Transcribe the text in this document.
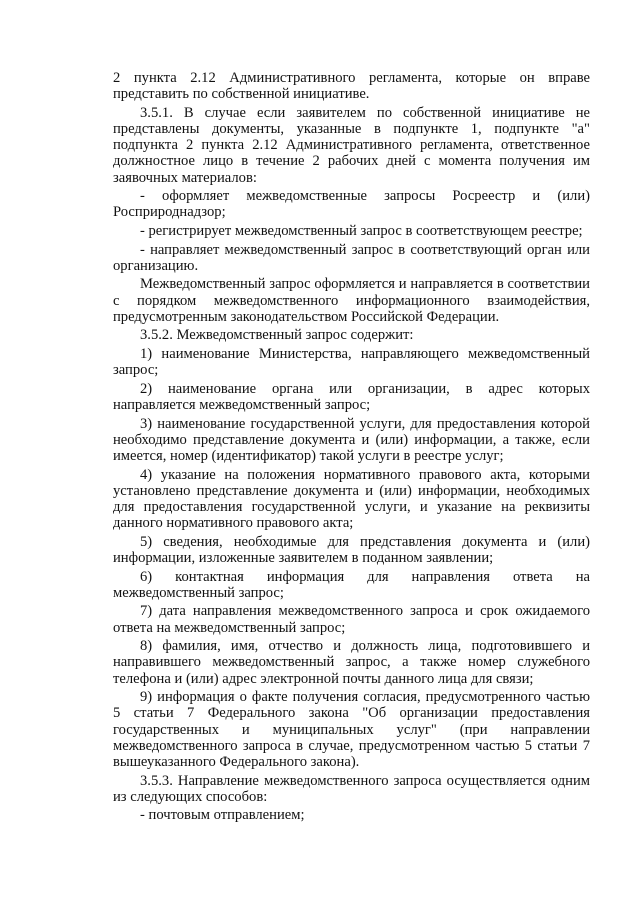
2 пункта 2.12 Административного регламента, которые он вправе представить по собственной инициативе.

3.5.1. В случае если заявителем по собственной инициативе не представлены документы, указанные в подпункте 1, подпункте "а" подпункта 2 пункта 2.12 Административного регламента, ответственное должностное лицо в течение 2 рабочих дней с момента получения им заявочных материалов:

- оформляет межведомственные запросы Росреестр и (или) Росприроднадзор;

- регистрирует межведомственный запрос в соответствующем реестре;

- направляет межведомственный запрос в соответствующий орган или организацию.

Межведомственный запрос оформляется и направляется в соответствии с порядком межведомственного информационного взаимодействия, предусмотренным законодательством Российской Федерации.

3.5.2. Межведомственный запрос содержит:

1) наименование Министерства, направляющего межведомственный запрос;

2) наименование органа или организации, в адрес которых направляется межведомственный запрос;

3) наименование государственной услуги, для предоставления которой необходимо представление документа и (или) информации, а также, если имеется, номер (идентификатор) такой услуги в реестре услуг;

4) указание на положения нормативного правового акта, которыми установлено представление документа и (или) информации, необходимых для предоставления государственной услуги, и указание на реквизиты данного нормативного правового акта;

5) сведения, необходимые для представления документа и (или) информации, изложенные заявителем в поданном заявлении;

6) контактная информация для направления ответа на межведомственный запрос;

7) дата направления межведомственного запроса и срок ожидаемого ответа на межведомственный запрос;

8) фамилия, имя, отчество и должность лица, подготовившего и направившего межведомственный запрос, а также номер служебного телефона и (или) адрес электронной почты данного лица для связи;

9) информация о факте получения согласия, предусмотренного частью 5 статьи 7 Федерального закона "Об организации предоставления государственных и муниципальных услуг" (при направлении межведомственного запроса в случае, предусмотренном частью 5 статьи 7 вышеуказанного Федерального закона).

3.5.3. Направление межведомственного запроса осуществляется одним из следующих способов:

- почтовым отправлением;
